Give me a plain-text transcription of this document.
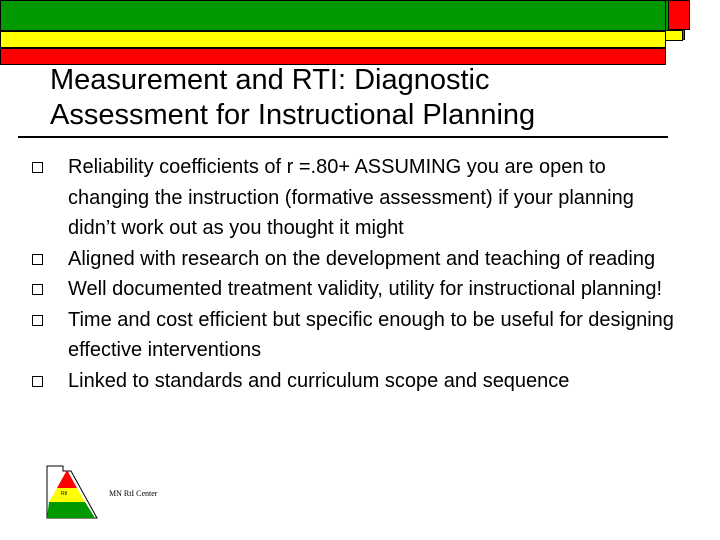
Measurement and RTI: Diagnostic
Assessment for Instructional Planning
Reliability coefficients of r =.80+ ASSUMING you are open to changing the instruction (formative assessment) if your planning didn’t work out as you thought it might
Aligned with research on the development and teaching of reading
Well documented treatment validity, utility for instructional planning!
Time and cost efficient but specific enough to be useful for designing effective interventions
Linked to standards and curriculum scope and sequence
RtI	MN RtI Center
